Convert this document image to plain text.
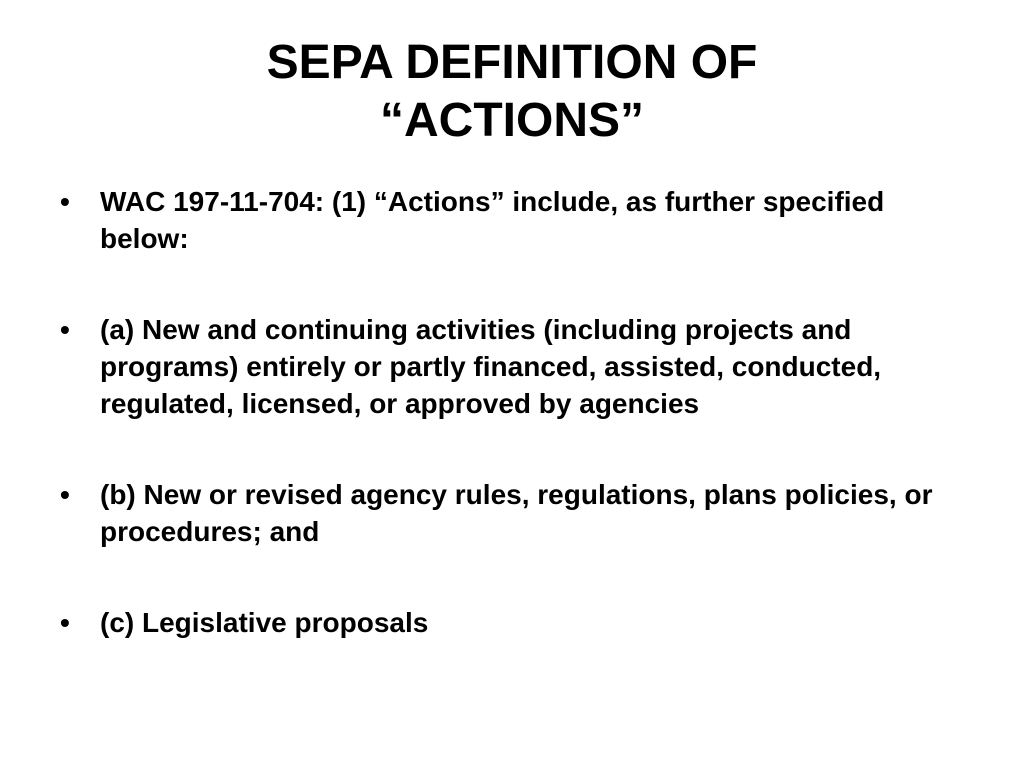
SEPA DEFINITION OF
“ACTIONS”
• WAC 197-11-704: (1) “Actions” include, as further specified below:
• (a) New and continuing activities (including projects and programs) entirely or partly financed, assisted, conducted, regulated, licensed, or approved by agencies
• (b) New or revised agency rules, regulations, plans policies, or procedures; and
• (c) Legislative proposals
